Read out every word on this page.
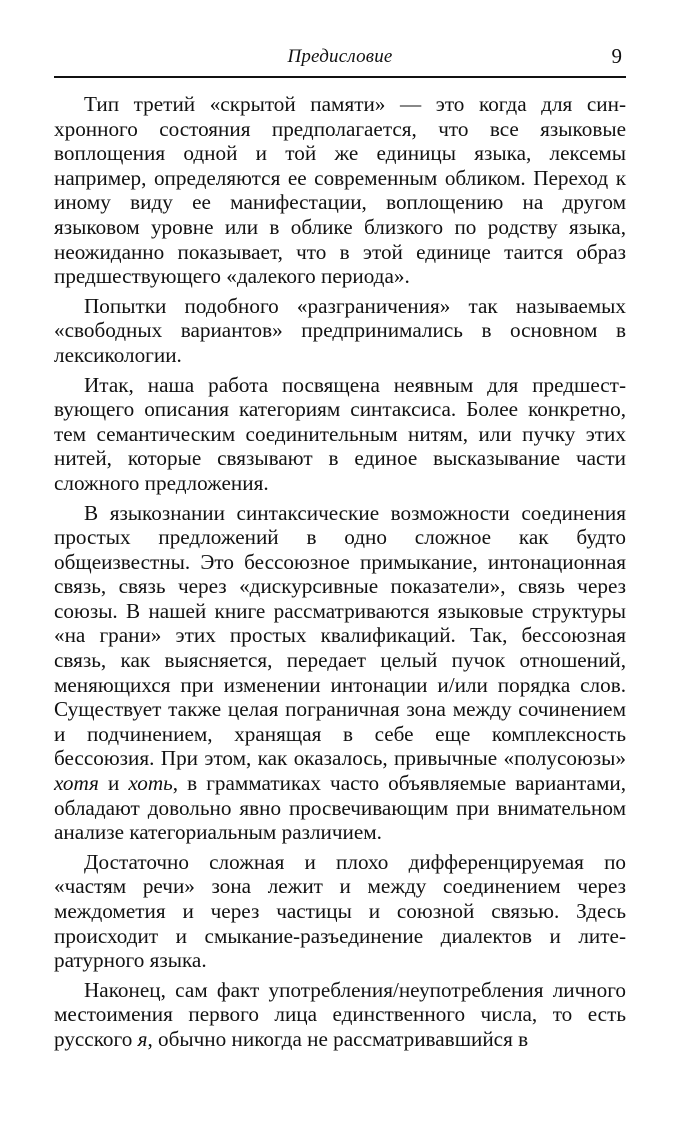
Предисловие	9

Тип третий «скрытой памяти» — это когда для синхронного состояния предполагается, что все языковые воплощения одной и той же единицы языка, лексемы например, определяются ее современным обликом. Переход к иному виду ее манифестации, воплощению на другом языковом уровне или в облике близкого по родству языка, неожиданно показывает, что в этой единице таится образ предшествующего «далекого периода».

Попытки подобного «разграничения» так называемых «свободных вариантов» предпринимались в основном в лексикологии.

Итак, наша работа посвящена неявным для предшествующего описания категориям синтаксиса. Более конкретно, тем семантическим соединительным нитям, или пучку этих нитей, которые связывают в единое высказывание части сложного предложения.

В языкознании синтаксические возможности соединения простых предложений в одно сложное как будто общеизвестны. Это бессоюзное примыкание, интонационная связь, связь через «дискурсивные показатели», связь через союзы. В нашей книге рассматриваются языковые структуры «на грани» этих простых квалификаций. Так, бессоюзная связь, как выясняется, передает целый пучок отношений, меняющихся при изменении интонации и/или порядка слов. Существует также целая пограничная зона между сочинением и подчинением, хранящая в себе еще комплексность бессоюзия. При этом, как оказалось, привычные «полусоюзы» хотя и хоть, в грамматиках часто объявляемые вариантами, обладают довольно явно просвечивающим при внимательном анализе категориальным различием.

Достаточно сложная и плохо дифференцируемая по «частям речи» зона лежит и между соединением через междометия и через частицы и союзной связью. Здесь происходит и смыкание-разъединение диалектов и литературного языка.

Наконец, сам факт употребления/неупотребления личного местоимения первого лица единственного числа, то есть русского я, обычно никогда не рассматривавшийся в
